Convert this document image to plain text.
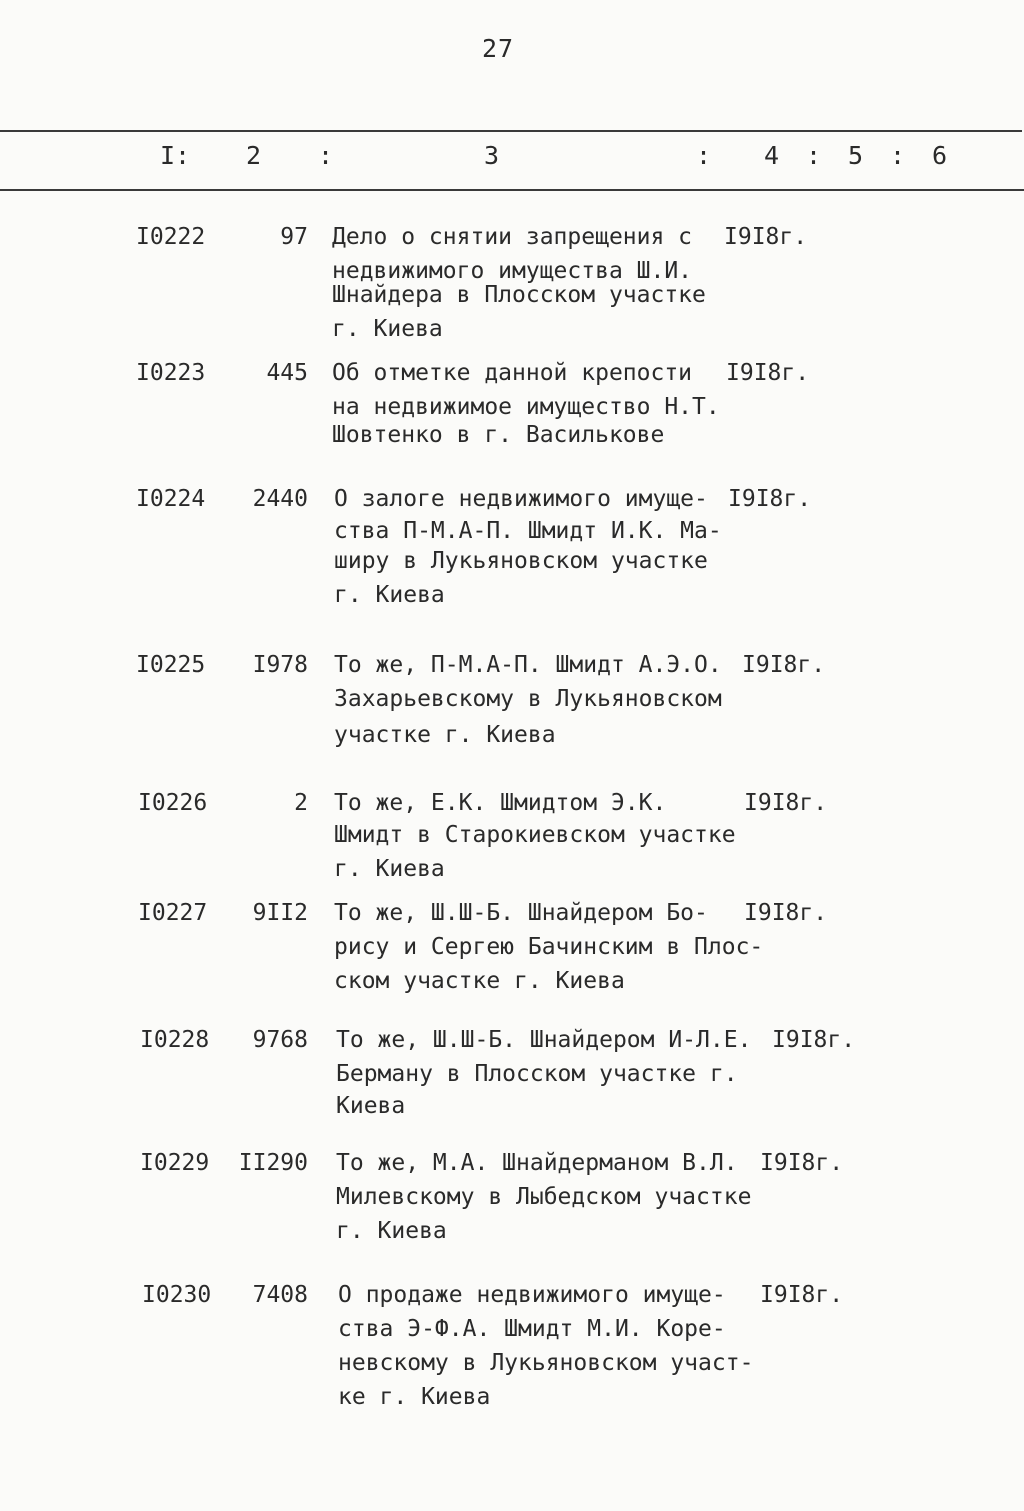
27
I: 2 :	3	: 4 : 5 : 6
I0222	97 Дело о снятии запрещения с
недвижимого имущества Ш.И.
Шнайдера в Плосском участке
г. Киева
I9I8г.
I0223	445 Об отметке данной крепости
на недвижимое имущество Н.Т.
Шовтенко в г. Василькове
I9I8г.
I0224 2440 О залоге недвижимого имуще-
ства П-М.А-П. Шмидт И.К. Ма-
ширу в Лукьяновском участке
г. Киева
I9I8г.
I0225 I978 То же, П-М.А-П. Шмидт А.Э.О.
Захарьевскому в Лукьяновском
участке г. Киева
I9I8г.
I0226	2 То же, Е.К. Шмидтом Э.К.
Шмидт в Старокиевском участке
г. Киева
I9I8г.
I0227 9II2 То же, Ш.Ш-Б. Шнайдером Бо-
рису и Сергею Бачинским в Плос-
ском участке г. Киева
I9I8г.
I0228 9768 То же, Ш.Ш-Б. Шнайдером И-Л.Е.
Берману в Плосском участке г.
Киева
I9I8г.
I0229 II290 То же, М.А. Шнайдерманом В.Л.
Милевскому в Лыбедском участке
г. Киева
I9I8г.
I0230 7408 О продаже недвижимого имуще-
ства Э-Ф.А. Шмидт М.И. Коре-
невскому в Лукьяновском участ-
ке г. Киева
I9I8г.
